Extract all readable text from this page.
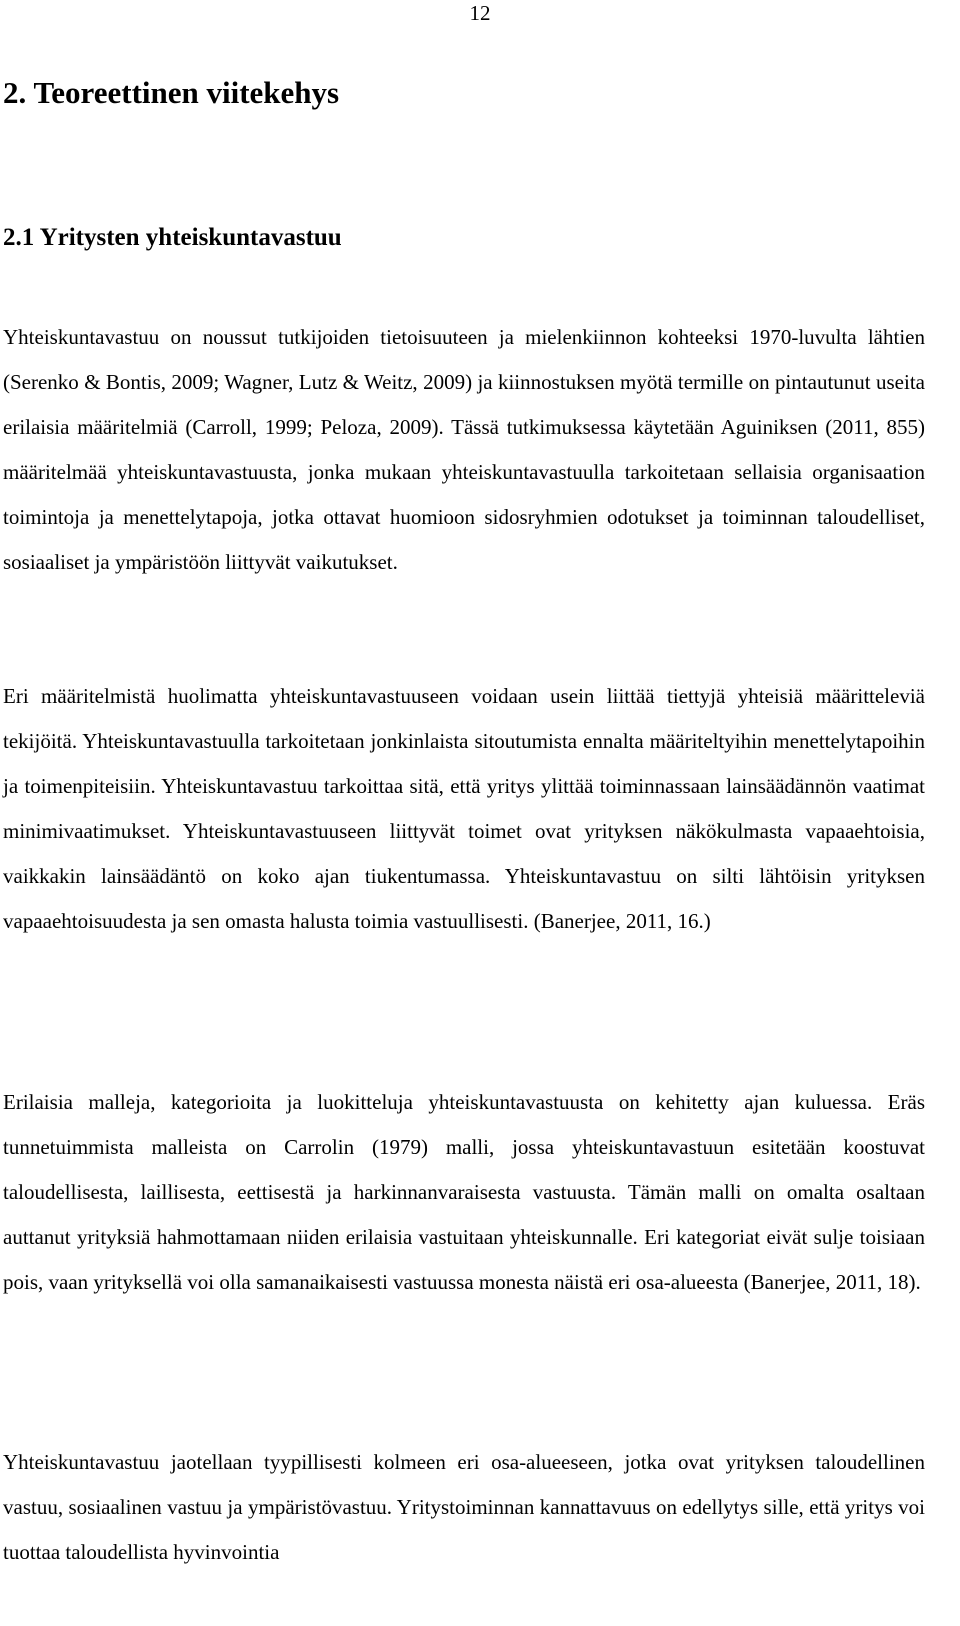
12
2. Teoreettinen viitekehys
2.1 Yritysten yhteiskuntavastuu

Yhteiskuntavastuu on noussut tutkijoiden tietoisuuteen ja mielenkiinnon kohteeksi 1970-luvulta lähtien (Serenko & Bontis, 2009; Wagner, Lutz & Weitz, 2009) ja kiinnostuksen myötä termille on pintautunut useita erilaisia määritelmiä (Carroll, 1999; Peloza, 2009). Tässä tutkimuksessa käytetään Aguiniksen (2011, 855) määritelmää yhteiskuntavastuusta, jonka mukaan yhteiskuntavastuulla tarkoitetaan sellaisia organisaation toimintoja ja menettelytapoja, jotka ottavat huomioon sidosryhmien odotukset ja toiminnan taloudelliset, sosiaaliset ja ympäristöön liittyvät vaikutukset.

Eri määritelmistä huolimatta yhteiskuntavastuuseen voidaan usein liittää tiettyjä yhteisiä määritteleviä tekijöitä. Yhteiskuntavastuulla tarkoitetaan jonkinlaista sitoutumista ennalta määriteltyihin menettelytapoihin ja toimenpiteisiin. Yhteiskuntavastuu tarkoittaa sitä, että yritys ylittää toiminnassaan lainsäädännön vaatimat minimivaatimukset. Yhteiskuntavastuuseen liittyvät toimet ovat yrityksen näkökulmasta vapaaehtoisia, vaikkakin lainsäädäntö on koko ajan tiukentumassa. Yhteiskuntavastuu on silti lähtöisin yrityksen vapaaehtoisuudesta ja sen omasta halusta toimia vastuullisesti. (Banerjee, 2011, 16.)

Erilaisia malleja, kategorioita ja luokitteluja yhteiskuntavastuusta on kehitetty ajan kuluessa. Eräs tunnetuimmista malleista on Carrolin (1979) malli, jossa yhteiskuntavastuun esitetään koostuvat taloudellisesta, laillisesta, eettisestä ja harkinnanvaraisesta vastuusta. Tämän malli on omalta osaltaan auttanut yrityksiä hahmottamaan niiden erilaisia vastuitaan yhteiskunnalle. Eri kategoriat eivät sulje toisiaan pois, vaan yrityksellä voi olla samanaikaisesti vastuussa monesta näistä eri osa-alueesta (Banerjee, 2011, 18).

Yhteiskuntavastuu jaotellaan tyypillisesti kolmeen eri osa-alueeseen, jotka ovat yrityksen taloudellinen vastuu, sosiaalinen vastuu ja ympäristövastuu. Yritystoiminnan kannattavuus on edellytys sille, että yritys voi tuottaa taloudellista hyvinvointia
